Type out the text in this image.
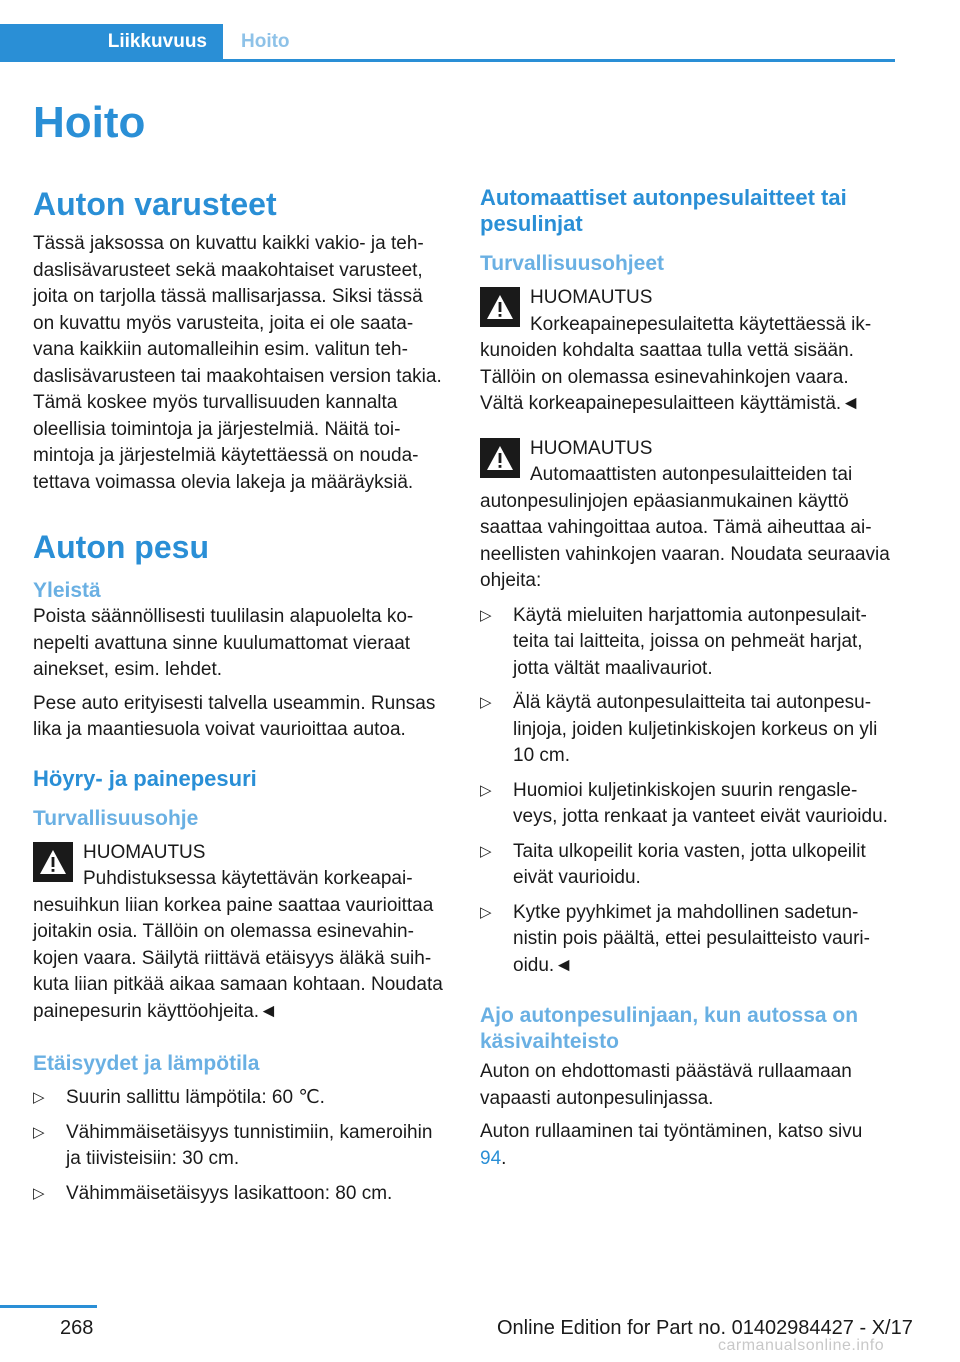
Liikkuvuus	Hoito
Hoito
Auton varusteet

Tässä jaksossa on kuvattu kaikki vakio- ja tehdaslisävarusteet sekä maakohtaiset varusteet, joita on tarjolla tässä mallisarjassa. Siksi tässä on kuvattu myös varusteita, joita ei ole saatavana kaikkiin automalleihin esim. valitun tehdaslisävarusteen tai maakohtaisen version takia. Tämä koskee myös turvallisuuden kannalta oleellisia toimintoja ja järjestelmiä. Näitä toimintoja ja järjestelmiä käytettäessä on noudatettava voimassa olevia lakeja ja määräyksiä.

Auton pesu
Yleistä

Poista säännöllisesti tuulilasin alapuolelta konepelti avattuna sinne kuulumattomat vieraat ainekset, esim. lehdet.

Pese auto erityisesti talvella useammin. Runsas lika ja maantiesuola voivat vaurioittaa autoa.

Höyry- ja painepesuri
Turvallisuusohje

HUOMAUTUS

Puhdistuksessa käytettävän korkeapainesuihkun liian korkea paine saattaa vaurioittaa joitakin osia. Tällöin on olemassa esinevahinkojen vaara. Säilytä riittävä etäisyys äläkä suihkuta liian pitkää aikaa samaan kohtaan. Noudata painepesurin käyttöohjeita.◄

Etäisyydet ja lämpötila
▷ Suurin sallittu lämpötila: 60 ℃.
▷ Vähimmäisetäisyys tunnistimiin, kameroihin ja tiivisteisiin: 30 cm.
▷ Vähimmäisetäisyys lasikattoon: 80 cm.
Automaattiset autonpesulaitteet tai pesulinjat
Turvallisuusohjeet

HUOMAUTUS

Korkeapainepesulaitetta käytettäessä ikkunoiden kohdalta saattaa tulla vettä sisään. Tällöin on olemassa esinevahinkojen vaara. Vältä korkeapainepesulaitteen käyttämistä.◄

HUOMAUTUS

Automaattisten autonpesulaitteiden tai autonpesulinjojen epäasianmukainen käyttö saattaa vahingoittaa autoa. Tämä aiheuttaa aineellisten vahinkojen vaaran. Noudata seuraavia ohjeita:

▷ Käytä mieluiten harjattomia autonpesulaitteita tai laitteita, joissa on pehmeät harjat, jotta vältät maalivauriot.
▷ Älä käytä autonpesulaitteita tai autonpesulinjoja, joiden kuljetinkiskojen korkeus on yli 10 cm.
▷ Huomioi kuljetinkiskojen suurin rengasleveys, jotta renkaat ja vanteet eivät vaurioidu.
▷ Taita ulkopeilit koria vasten, jotta ulkopeilit eivät vaurioidu.
▷ Kytke pyyhkimet ja mahdollinen sadetunnistin pois päältä, ettei pesulaitteisto vaurioidu.◄
Ajo autonpesulinjaan, kun autossa on käsivaihteisto

Auton on ehdottomasti päästävä rullaamaan vapaasti autonpesulinjassa.

Auton rullaaminen tai työntäminen, katso sivu 94.

268	Online Edition for Part no. 01402984427 - X/17
carmanualsonline.info
